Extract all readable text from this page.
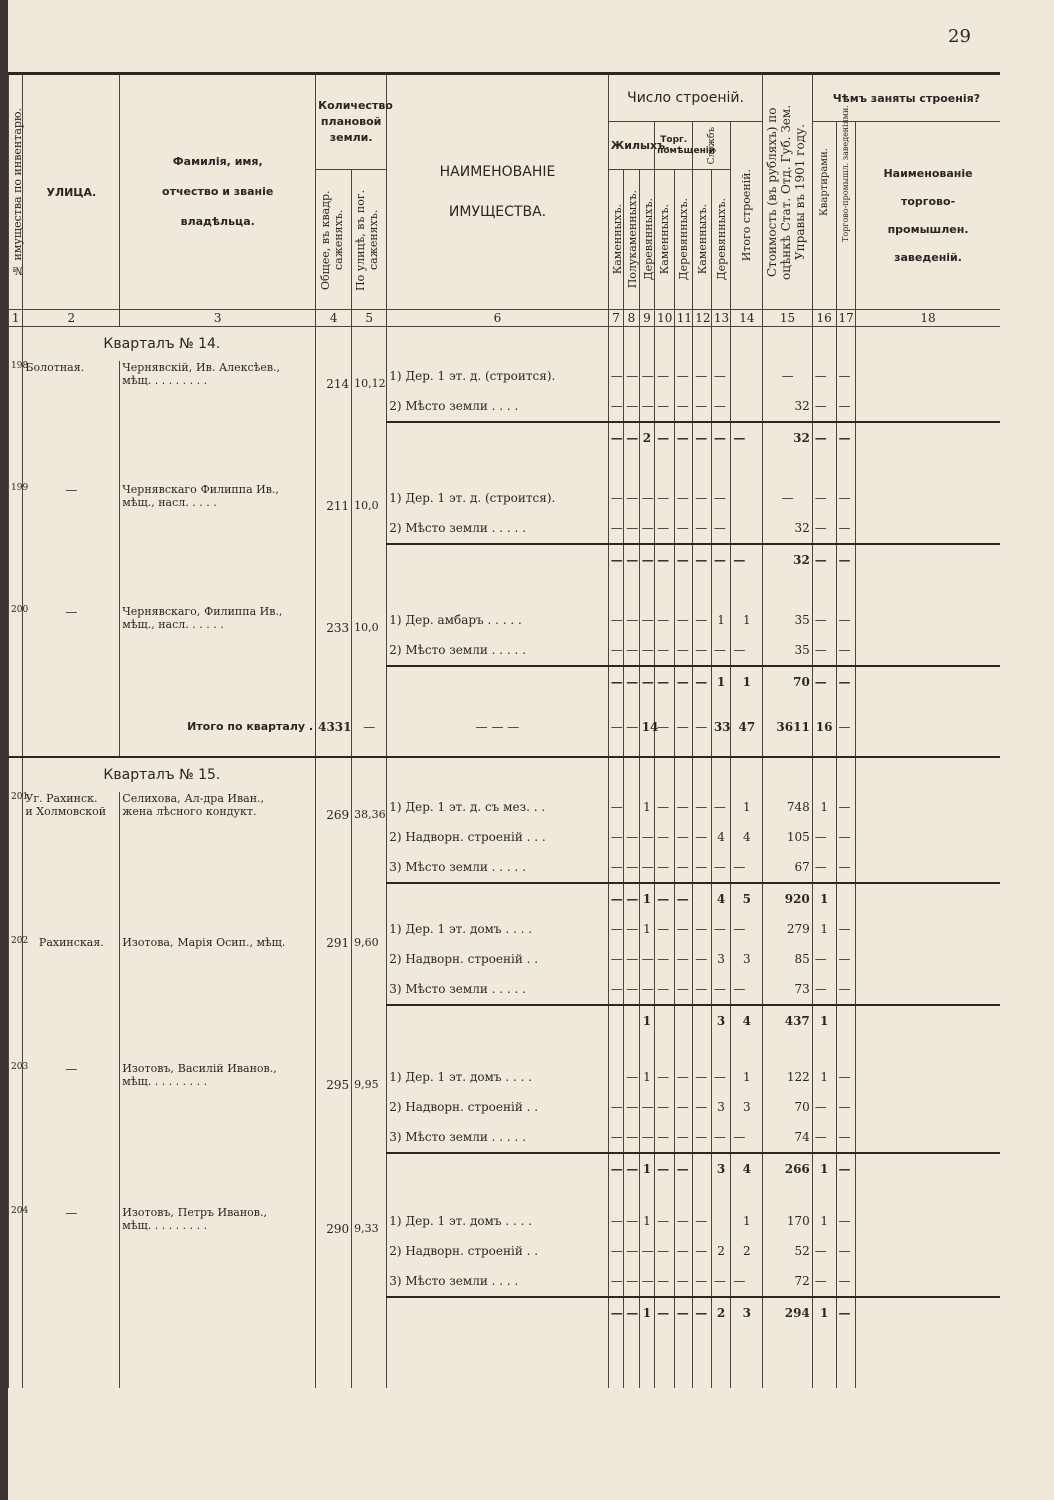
29
№ имущества по инвентарю.	УЛИЦА.	Фамилія, имя, отчество и званіе владѣльца.	Количество плановой земли.		НАИМЕНОВАНІЕ ИМУЩЕСТВА.	Число строеній.								Стоимость (въ рубляхъ) по оцѣнкѣ Стат. Отд. Губ. Зем. Управы въ 1901 году.	Чѣмъ заняты строенія?		
						Жилыхъ.			Торг. помѣщеній		Службъ		Итого строеній.		Квартирами.	Торгово-промышл. заведеніями.	Наименованіе торгово-промышлен. заведеній.

			Общее, въ квадр. саженяхъ.	По улицѣ, въ пог. саженяхъ.		Каменныхъ.	Полукаменныхъ.	Деревянныхъ.	Каменныхъ.	Деревянныхъ.	Каменныхъ.	Деревянныхъ.					

1	2	3	4	5	6	7	8	9	10	11	12	13	14	15	16	17	18
	Кварталъ № 14.																
198	Болотная.	Чернявскій, Ив. Алексѣев.,
мѣщ. . . . . . . . .	214	10,12	1) Дер. 1 эт. д. (строится).	—	—	—	—	—	—	—		—	—	—	
					2) Мѣсто земли . . . .	—	—	—	—	—	—	—		32	—	—	
						—	—	2	—	—	—	—	—	32	—	—	

199	—	Чернявскаго Филиппа Ив.,
мѣщ., насл. . . . .	211	10,0	1) Дер. 1 эт. д. (строится).	—	—	—	—	—	—	—		—	—	—	
					2) Мѣсто земли . . . . .	—	—	—	—	—	—	—		32	—	—	
						—	—	—	—	—	—	—	—	32	—	—	

200	—	Чернявскаго, Филиппа Ив.,
мѣщ., насл. . . . . .	233	10,0	1) Дер. амбаръ . . . . .	—	—	—	—	—	—	1	1	35	—	—	
					2) Мѣсто земли . . . . .	—	—	—	—	—	—	—	—	35	—	—	
						—	—	—	—	—	—	1	1	70	—	—	
		Итого по кварталу .	4331	—	— — —	—	—	14	—	—	—	33	47	3611	16	—	
	Кварталъ № 15.																
201	Уг. Рахинск.
и Холмовской	Селихова, Ал-дра Иван.,
жена лѣсного кондукт.	269	38,36	1) Дер. 1 эт. д. съ мез. . .	—		1	—	—	—	—	1	748	1	—	
					2) Надворн. строеній . . .	—	—	—	—	—	—	4	4	105	—	—	
					3) Мѣсто земли . . . . .	—	—	—	—	—	—	—	—	67	—	—	
						—	—	1	—	—		4	5	920	1		
202	Рахинская.	Изотова, Марія Осип., мѣщ.	291	9,60	1) Дер. 1 эт. домъ . . . .	—	—	1	—	—	—	—	—	279	1	—	
					2) Надворн. строеній . .	—	—	—	—	—	—	3	3	85	—	—	
					3) Мѣсто земли . . . . .	—	—	—	—	—	—	—	—	73	—	—	
								1				3	4	437	1		

203	—	Изотовъ, Василій Иванов.,
мѣщ. . . . . . . . .	295	9,95	1) Дер. 1 эт. домъ . . . .		—	1	—	—	—	—	1	122	1	—	
					2) Надворн. строеній . .	—	—	—	—	—	—	3	3	70	—	—	
					3) Мѣсто земли . . . . .	—	—	—	—	—	—	—	—	74	—	—	
						—	—	1	—	—		3	4	266	1	—	

204	—	Изотовъ, Петръ Иванов.,
мѣщ. . . . . . . . .	290	9,33	1) Дер. 1 эт. домъ . . . .	—	—	1	—	—	—		1	170	1	—	
					2) Надворн. строеній . .	—	—	—	—	—	—	2	2	52	—	—	
					3) Мѣсто земли . . . .	—	—	—	—	—	—	—	—	72	—	—	
						—	—	1	—	—	—	2	3	294	1	—	
